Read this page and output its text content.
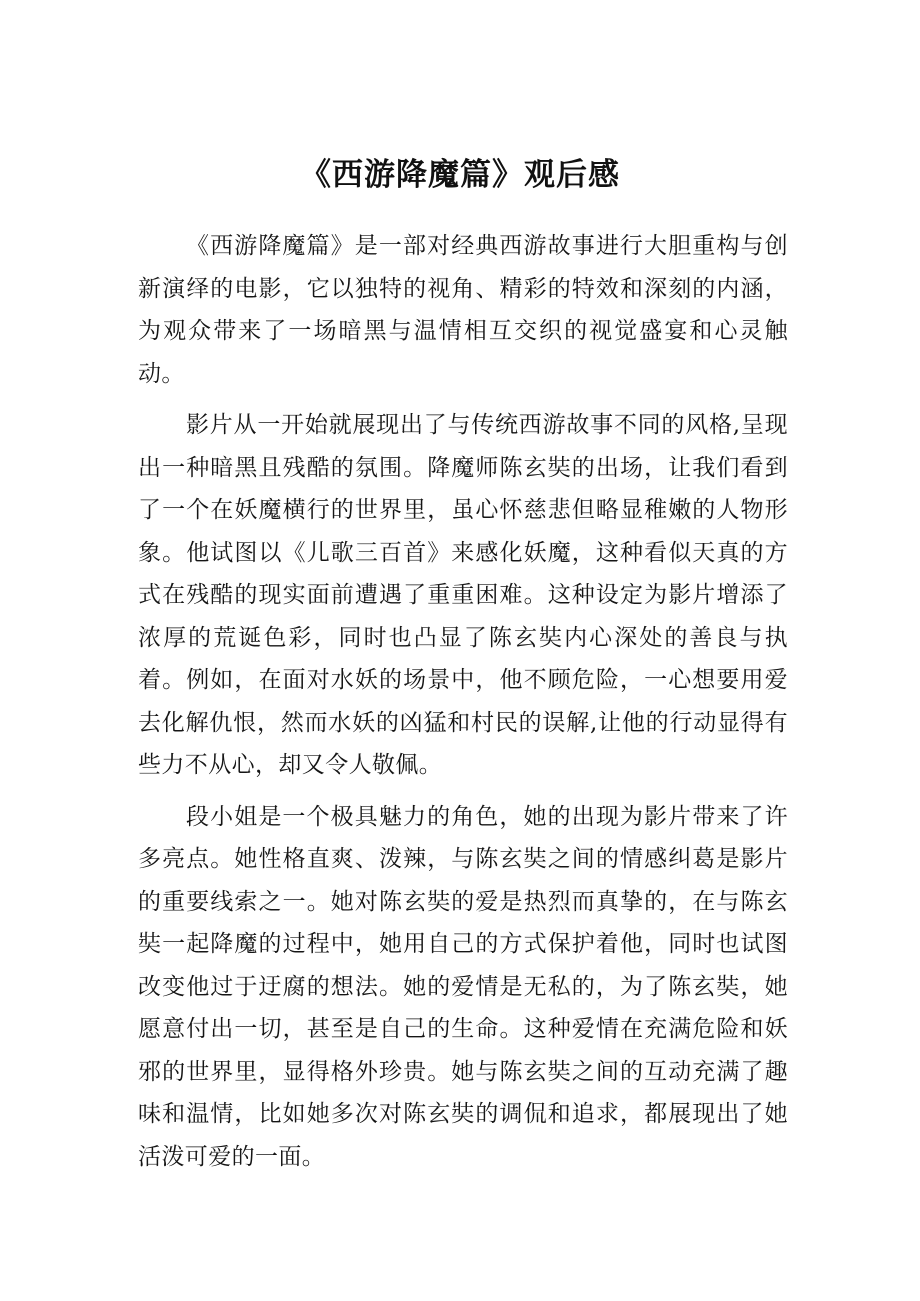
《西游降魔篇》观后感

《西游降魔篇》是一部对经典西游故事进行大胆重构与创新演绎的电影，它以独特的视角、精彩的特效和深刻的内涵，为观众带来了一场暗黑与温情相互交织的视觉盛宴和心灵触动。

影片从一开始就展现出了与传统西游故事不同的风格,呈现出一种暗黑且残酷的氛围。降魔师陈玄奘的出场，让我们看到了一个在妖魔横行的世界里，虽心怀慈悲但略显稚嫩的人物形象。他试图以《儿歌三百首》来感化妖魔，这种看似天真的方式在残酷的现实面前遭遇了重重困难。这种设定为影片增添了浓厚的荒诞色彩，同时也凸显了陈玄奘内心深处的善良与执着。例如，在面对水妖的场景中，他不顾危险，一心想要用爱去化解仇恨，然而水妖的凶猛和村民的误解,让他的行动显得有些力不从心，却又令人敬佩。

段小姐是一个极具魅力的角色，她的出现为影片带来了许多亮点。她性格直爽、泼辣，与陈玄奘之间的情感纠葛是影片的重要线索之一。她对陈玄奘的爱是热烈而真挚的，在与陈玄奘一起降魔的过程中，她用自己的方式保护着他，同时也试图改变他过于迂腐的想法。她的爱情是无私的，为了陈玄奘，她愿意付出一切，甚至是自己的生命。这种爱情在充满危险和妖邪的世界里，显得格外珍贵。她与陈玄奘之间的互动充满了趣味和温情，比如她多次对陈玄奘的调侃和追求，都展现出了她活泼可爱的一面。
